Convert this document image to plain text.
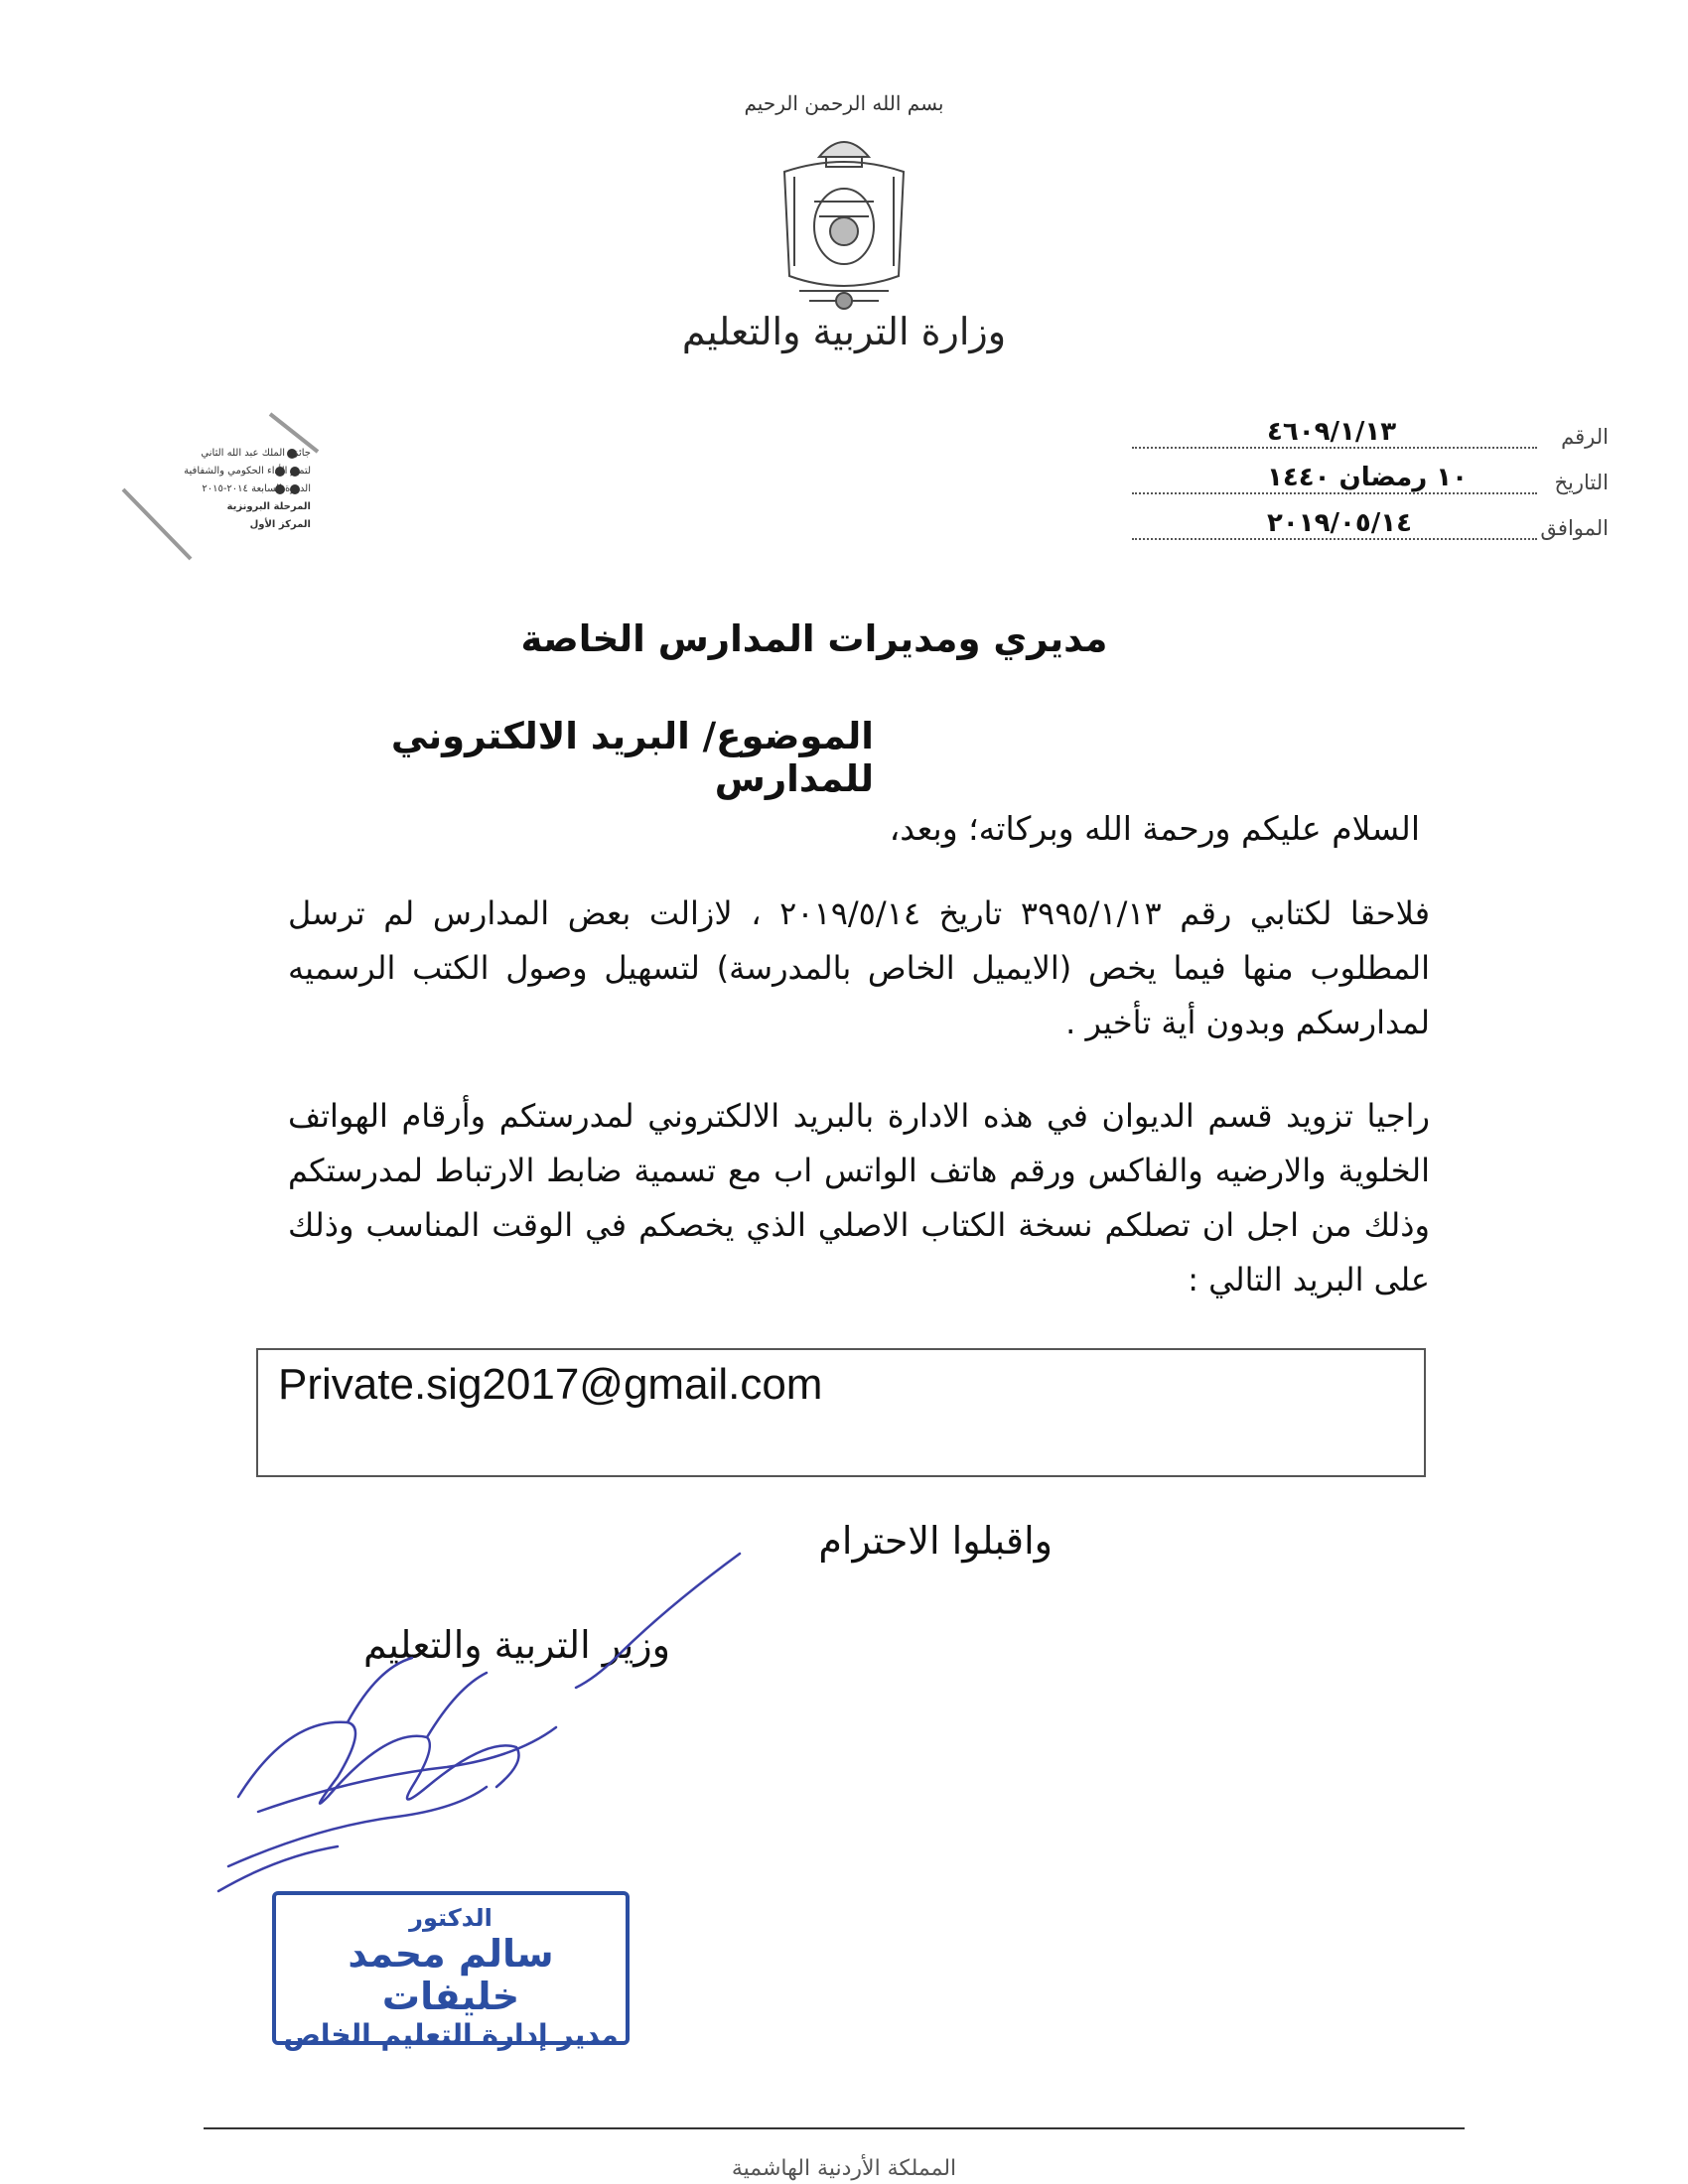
بسم الله الرحمن الرحيم
وزارة التربية والتعليم
جائزة الملك عبد الله الثاني
لتميز الأداء الحكومي والشفافية
الدورة السابعة ٢٠١٤-٢٠١٥
المرحلة البرونزية
المركز الأول
الرقم
٤٦٠٩/١/١٣
التاريخ
١٠ رمضان ١٤٤٠
الموافق
٢٠١٩/٠٥/١٤
مديري ومديرات المدارس الخاصة
الموضوع/ البريد الالكتروني للمدارس
السلام عليكم ورحمة الله وبركاته؛ وبعد،
فلاحقا لكتابي رقم ٣٩٩٥/١/١٣ تاريخ ٢٠١٩/٥/١٤ ، لازالت بعض المدارس لم ترسل المطلوب منها فيما يخص (الايميل الخاص بالمدرسة) لتسهيل وصول الكتب الرسميه لمدارسكم وبدون أية تأخير .
راجيا تزويد قسم الديوان في هذه الادارة بالبريد الالكتروني لمدرستكم وأرقام الهواتف الخلوية والارضيه والفاكس ورقم هاتف الواتس اب مع تسمية ضابط الارتباط لمدرستكم وذلك من اجل ان تصلكم نسخة الكتاب الاصلي الذي يخصكم في الوقت المناسب وذلك على البريد التالي :
Private.sig2017@gmail.com
واقبلوا الاحترام
وزير التربية والتعليم
الدكتور
سالم محمد خليفات
مدير إدارة التعليم الخاص
المملكة الأردنية الهاشمية
